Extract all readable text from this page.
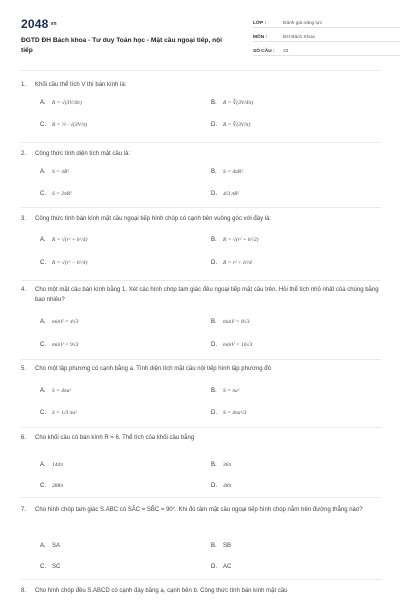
2048 $^{vn}$
ĐGTD ĐH Bách khoa - Tư duy Toán học - Mặt cầu ngoại tiếp, nội tiếp
LỚP :	Đánh giá năng lực
MÔN :	ĐH Bách Khoa
SỐ CÂU :	33
1.	Khối cầu thể tích V thì bán kính là:
A.	R = √(3V/4π)	B.	R = ∛(3V/4π)
C.	R = ½ · √(3V/π)	D.	R = ∛(3V/π)
2.	Công thức tính diện tích mặt cầu là:
A.	S = πR²	B.	S = 4πR²
C.	S = 2πR²	D.	4/3 πR²
3.	Công thức tính bán kính mặt cầu ngoại tiếp hình chóp có cạnh bên vuông góc với đáy là:
A.	R = √(r² + h²/4)	B.	R = √(r² + h²/2)
C.	R = √(r² − h²/4)	D.	R = r² + h²/4
4.	Cho một mặt cầu bán kính bằng 1. Xét các hình chóp tam giác đều ngoại tiếp mặt cầu trên. Hỏi thể tích nhỏ nhất của chúng bằng bao nhiêu?
A.	minV = 4√3	B.	minV = 8√3
C.	minV = 9√3	D.	minV = 16√3
5.	Cho một lập phương có cạnh bằng a. Tính diện tích mặt cầu nội tiếp hình lập phương đó
A.	S = 4πa²	B.	S = πa²
C.	S = 1/3 πa²	D.	S = 4πa²/3
6.	Cho khối cầu có bán kính R = 6. Thể tích của khối cầu bằng
A.	144π	B.	36π
C.	288π	D.	48π
7.	Cho hình chóp tam giác S.ABC có SÂC = SB̂C = 90°. Khi đó tâm mặt cầu ngoại tiếp hình chóp nằm trên đường thẳng nào?
A.	SA	B.	SB
C.	SC	D.	AC
8.	Cho hình chóp đều S.ABCD có cạnh đáy bằng a, cạnh bên b. Công thức tính bán kính mặt cầu
